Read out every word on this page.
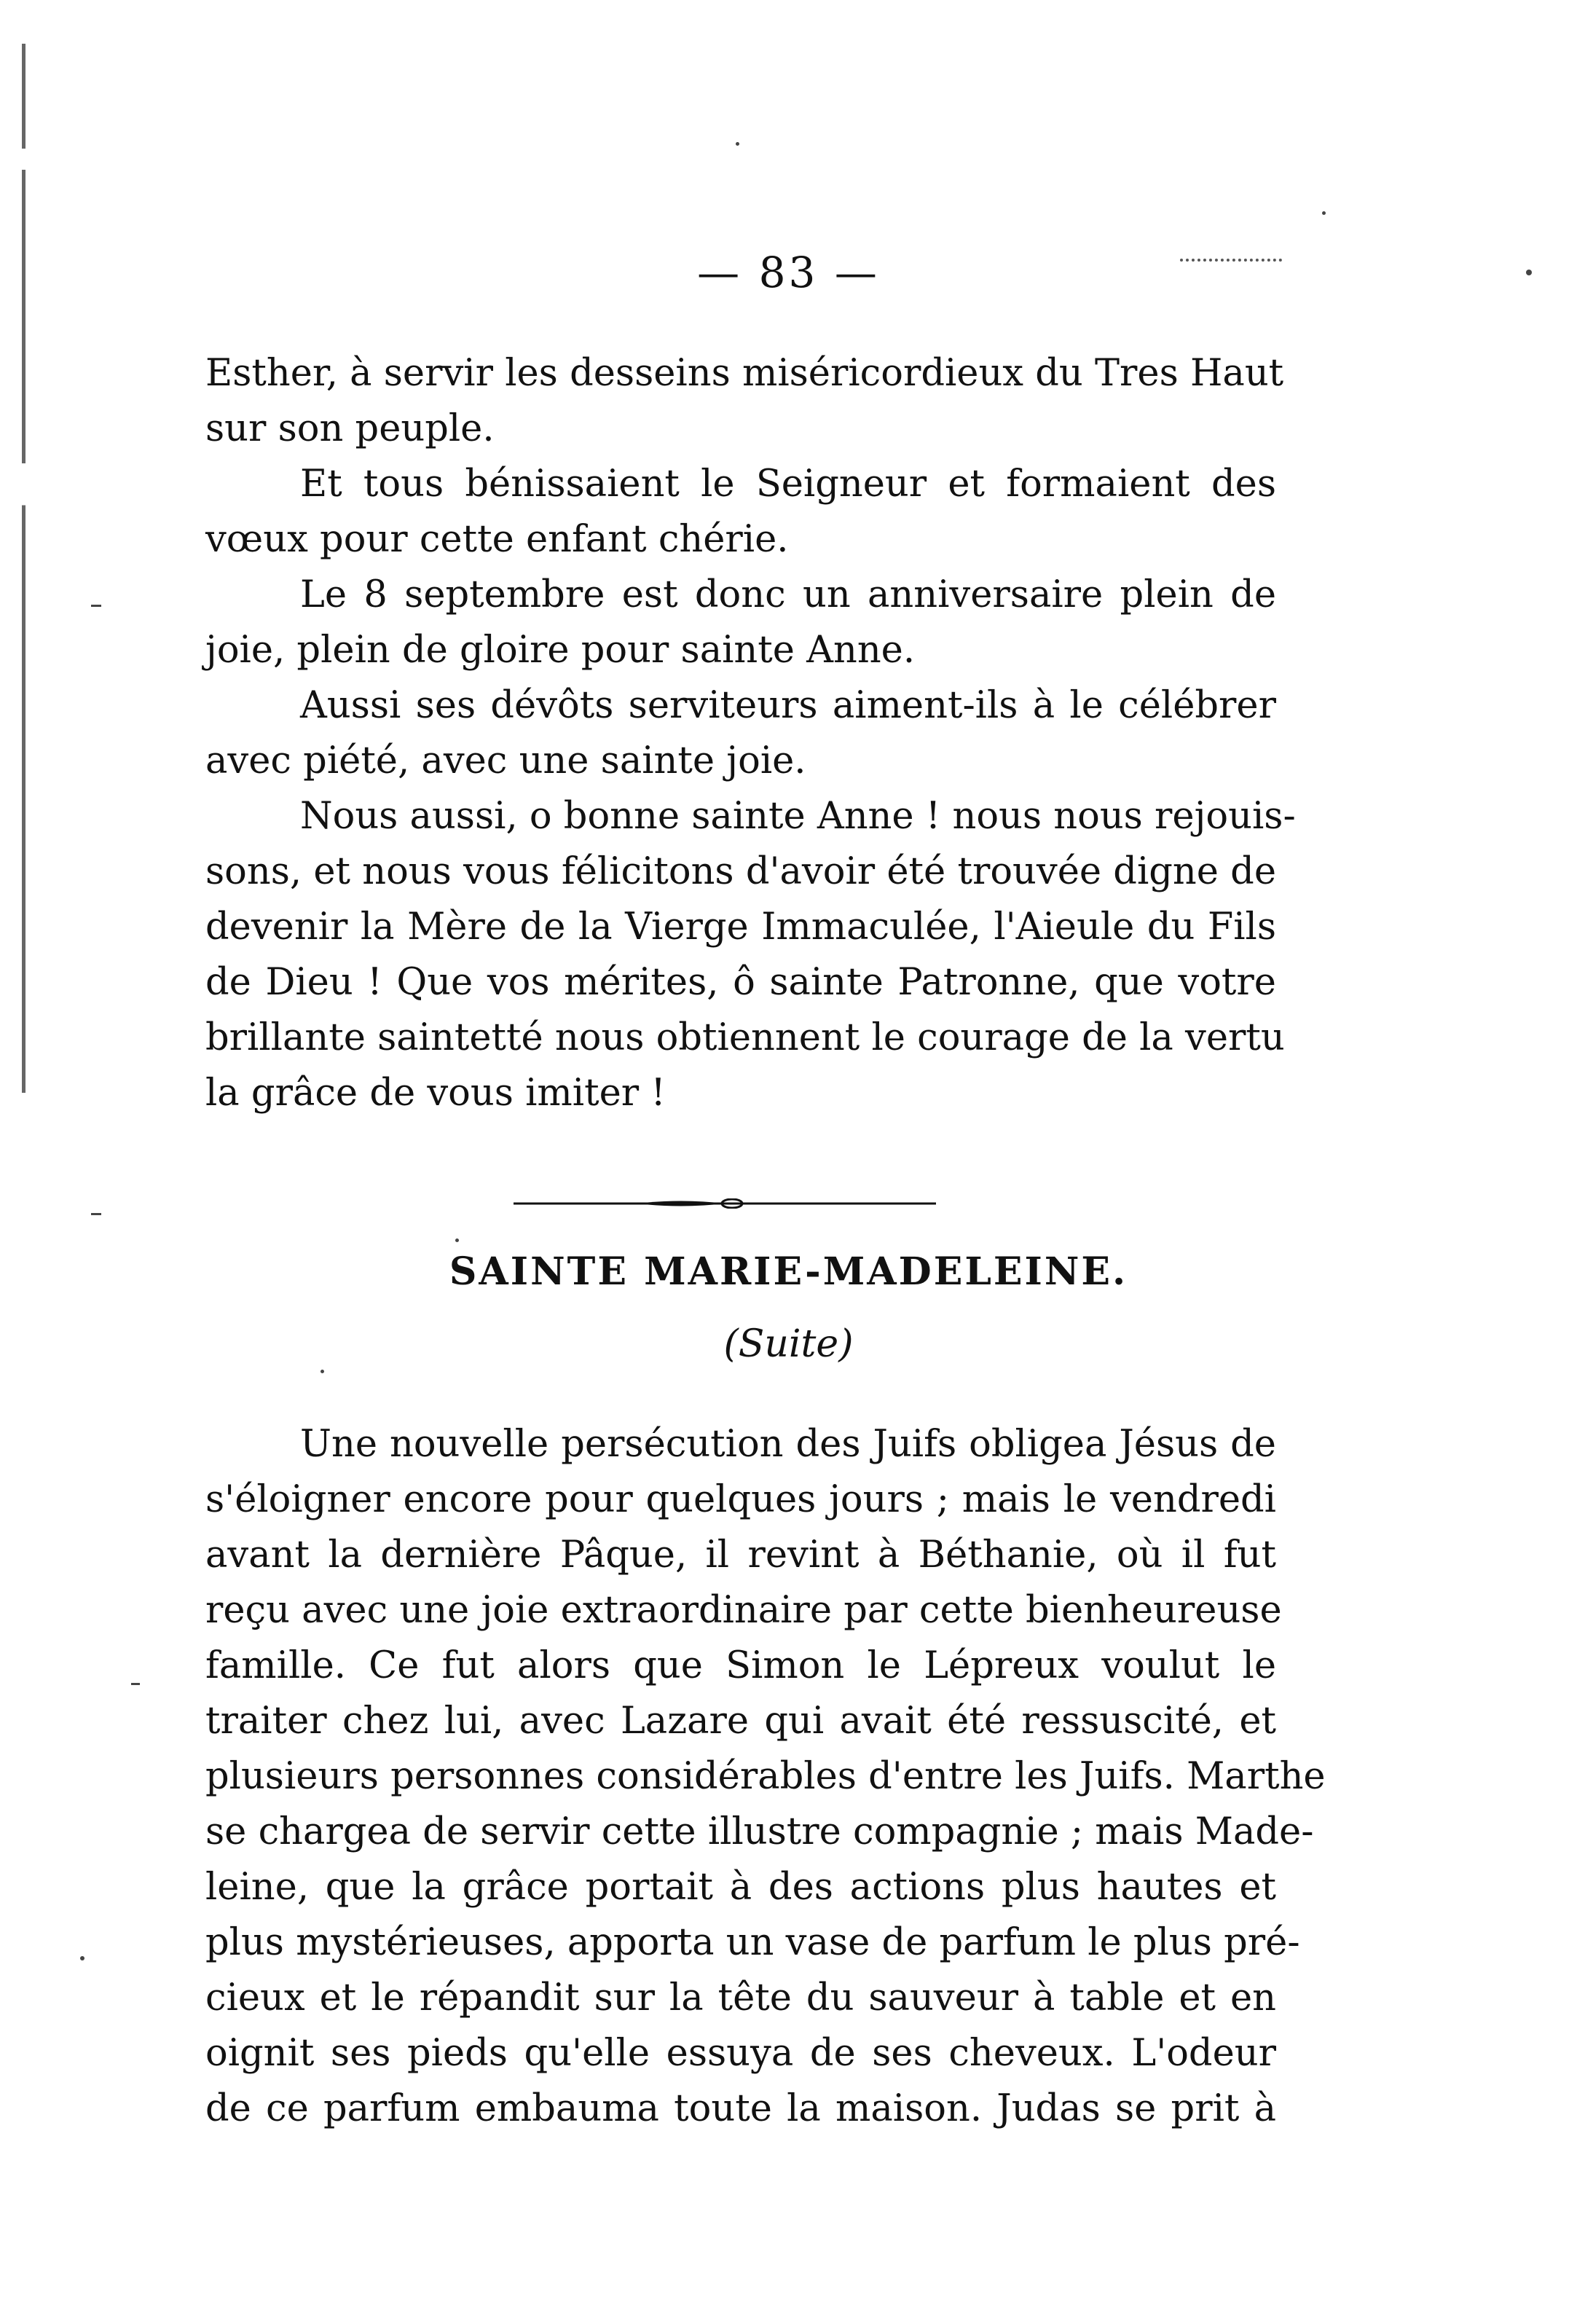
— 83 —
Esther, à servir les desseins miséricordieux du Tres Haut
sur son peuple.
Et tous bénissaient le Seigneur et formaient des
vœux pour cette enfant chérie.
Le 8 septembre est donc un anniversaire plein de
joie, plein de gloire pour sainte Anne.
Aussi ses dévôts serviteurs aiment-ils à le célébrer
avec piété, avec une sainte joie.
Nous aussi, o bonne sainte Anne ! nous nous rejouis-
sons, et nous vous félicitons d'avoir été trouvée digne de
devenir la Mère de la Vierge Immaculée, l'Aieule du Fils
de Dieu ! Que vos mérites, ô sainte Patronne, que votre
brillante saintetté nous obtiennent le courage de la vertu
la grâce de vous imiter !
SAINTE MARIE-MADELEINE.
(Suite)
Une nouvelle persécution des Juifs obligea Jésus de
s'éloigner encore pour quelques jours ; mais le vendredi
avant la dernière Pâque, il revint à Béthanie, où il fut
reçu avec une joie extraordinaire par cette bienheureuse
famille. Ce fut alors que Simon le Lépreux voulut le
traiter chez lui, avec Lazare qui avait été ressuscité, et
plusieurs personnes considérables d'entre les Juifs. Marthe
se chargea de servir cette illustre compagnie ; mais Made-
leine, que la grâce portait à des actions plus hautes et
plus mystérieuses, apporta un vase de parfum le plus pré-
cieux et le répandit sur la tête du sauveur à table et en
oignit ses pieds qu'elle essuya de ses cheveux. L'odeur
de ce parfum embauma toute la maison. Judas se prit à
